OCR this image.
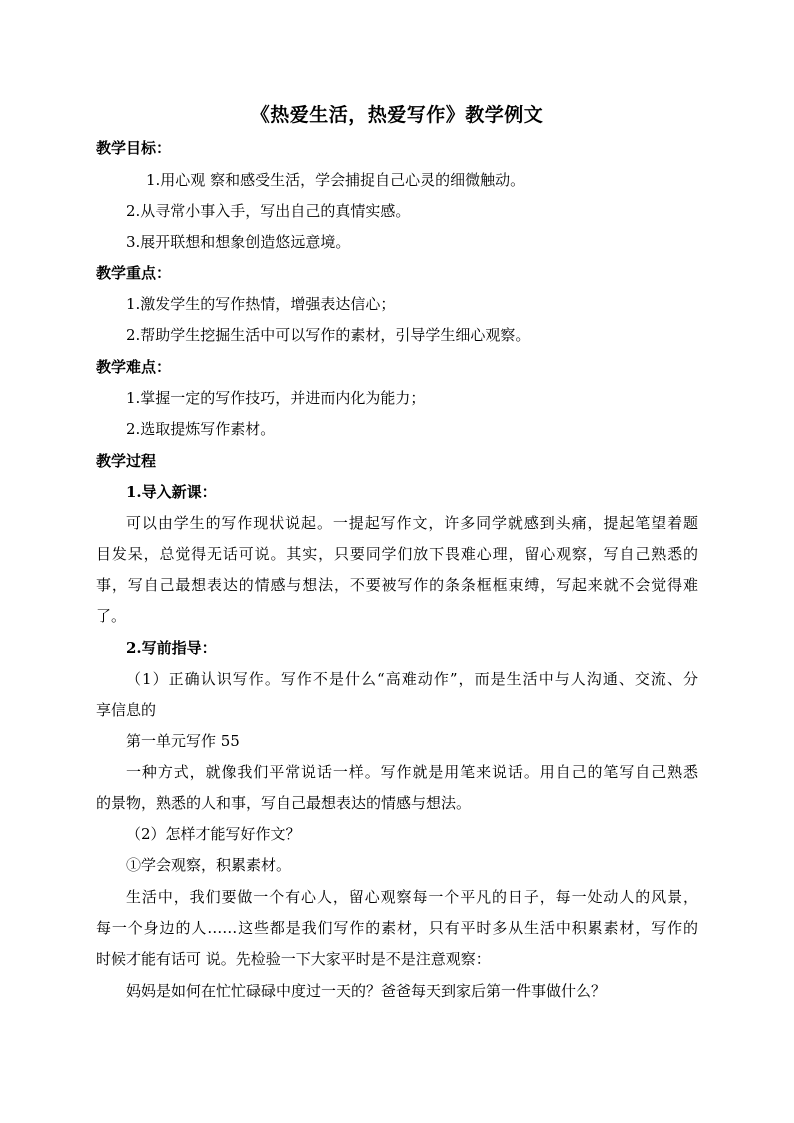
《热爱生活，热爱写作》教学例文
教学目标：
1.用心观 察和感受生活，学会捕捉自己心灵的细微触动。
2.从寻常小事入手，写出自己的真情实感。
3.展开联想和想象创造悠远意境。
教学重点：
1.激发学生的写作热情，增强表达信心；
2.帮助学生挖掘生活中可以写作的素材，引导学生细心观察。
教学难点：
1.掌握一定的写作技巧，并进而内化为能力；
2.选取提炼写作素材。
教学过程
1.导入新课：
可以由学生的写作现状说起。一提起写作文，许多同学就感到头痛，提起笔望着题
目发呆，总觉得无话可说。其实，只要同学们放下畏难心理，留心观察，写自己熟悉的
事，写自己最想表达的情感与想法，不要被写作的条条框框束缚，写起来就不会觉得难
了。
2.写前指导：
（1）正确认识写作。写作不是什么“高难动作”，而是生活中与人沟通、交流、分
享信息的
第一单元写作 55
一种方式，就像我们平常说话一样。写作就是用笔来说话。用自己的笔写自己熟悉
的景物，熟悉的人和事，写自己最想表达的情感与想法。
（2）怎样才能写好作文？
①学会观察，积累素材。
生活中，我们要做一个有心人，留心观察每一个平凡的日子，每一处动人的风景，
每一个身边的人……这些都是我们写作的素材，只有平时多从生活中积累素材，写作的
时候才能有话可 说。先检验一下大家平时是不是注意观察：
妈妈是如何在忙忙碌碌中度过一天的？爸爸每天到家后第一件事做什么？
